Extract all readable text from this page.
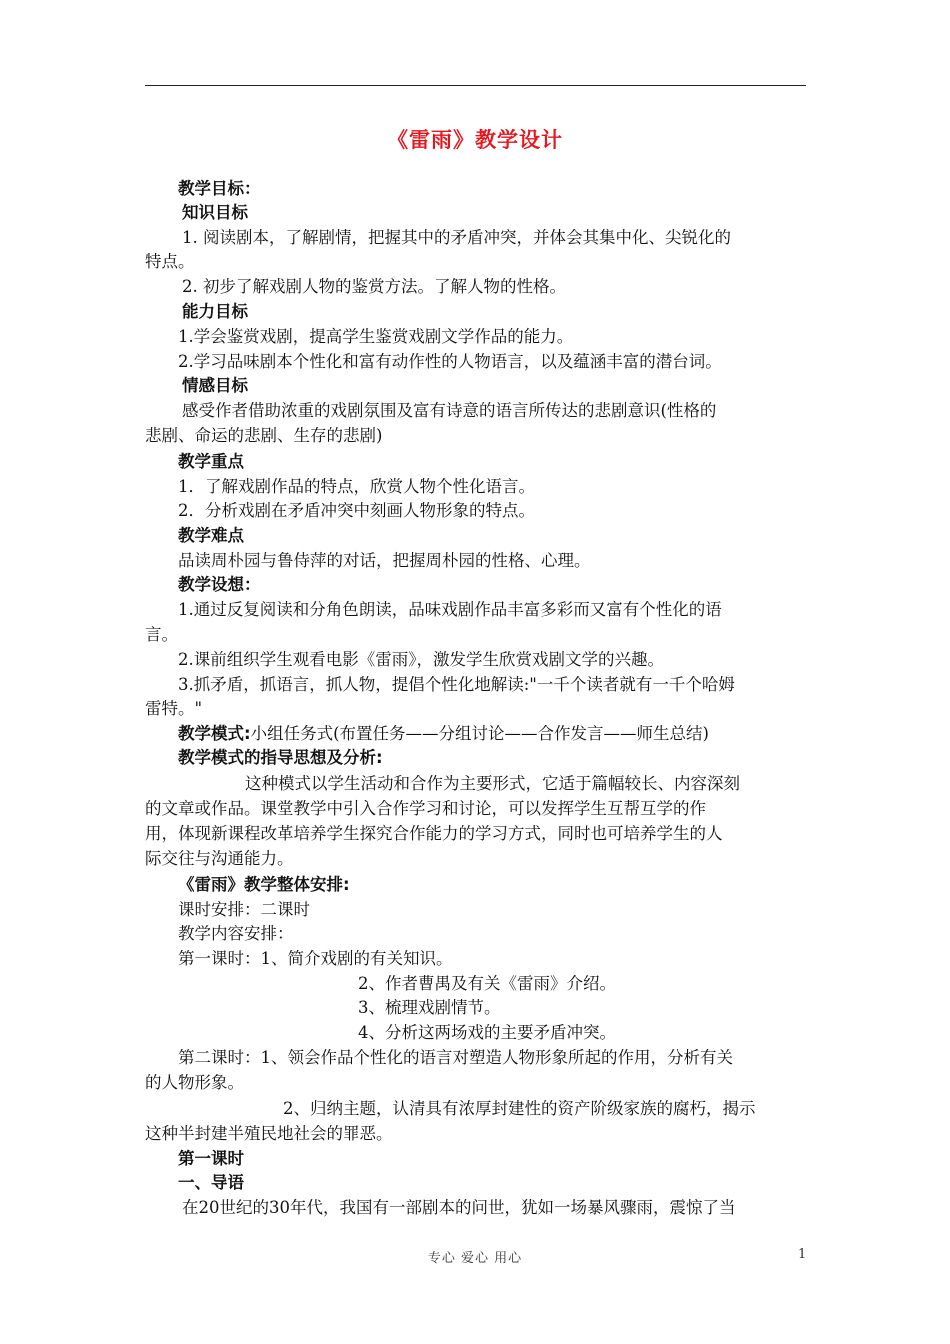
《雷雨》教学设计
教学目标：
知识目标
1. 阅读剧本，了解剧情，把握其中的矛盾冲突，并体会其集中化、尖锐化的
特点。
2. 初步了解戏剧人物的鉴赏方法。了解人物的性格。
能力目标
1.学会鉴赏戏剧，提高学生鉴赏戏剧文学作品的能力。
2.学习品味剧本个性化和富有动作性的人物语言，以及蕴涵丰富的潜台词。
情感目标
感受作者借助浓重的戏剧氛围及富有诗意的语言所传达的悲剧意识(性格的
悲剧、命运的悲剧、生存的悲剧)
教学重点
1．了解戏剧作品的特点，欣赏人物个性化语言。
2．分析戏剧在矛盾冲突中刻画人物形象的特点。
教学难点
品读周朴园与鲁侍萍的对话，把握周朴园的性格、心理。
教学设想：
1.通过反复阅读和分角色朗读，品味戏剧作品丰富多彩而又富有个性化的语
言。
2.课前组织学生观看电影《雷雨》，激发学生欣赏戏剧文学的兴趣。
3.抓矛盾，抓语言，抓人物，提倡个性化地解读:"一千个读者就有一千个哈姆
雷特。"
教学模式:小组任务式(布置任务——分组讨论——合作发言——师生总结)
教学模式的指导思想及分析:
这种模式以学生活动和合作为主要形式，它适于篇幅较长、内容深刻
的文章或作品。课堂教学中引入合作学习和讨论，可以发挥学生互帮互学的作
用，体现新课程改革培养学生探究合作能力的学习方式，同时也可培养学生的人
际交往与沟通能力。
《雷雨》教学整体安排:
课时安排：二课时
教学内容安排：
第一课时：1、简介戏剧的有关知识。
2、作者曹禺及有关《雷雨》介绍。
3、梳理戏剧情节。
4、分析这两场戏的主要矛盾冲突。
第二课时：1、领会作品个性化的语言对塑造人物形象所起的作用，分析有关
的人物形象。
2、归纳主题，认清具有浓厚封建性的资产阶级家族的腐朽，揭示
这种半封建半殖民地社会的罪恶。
第一课时
一、导语
在20世纪的30年代，我国有一部剧本的问世，犹如一场暴风骤雨，震惊了当
专心 爱心 用心	1
